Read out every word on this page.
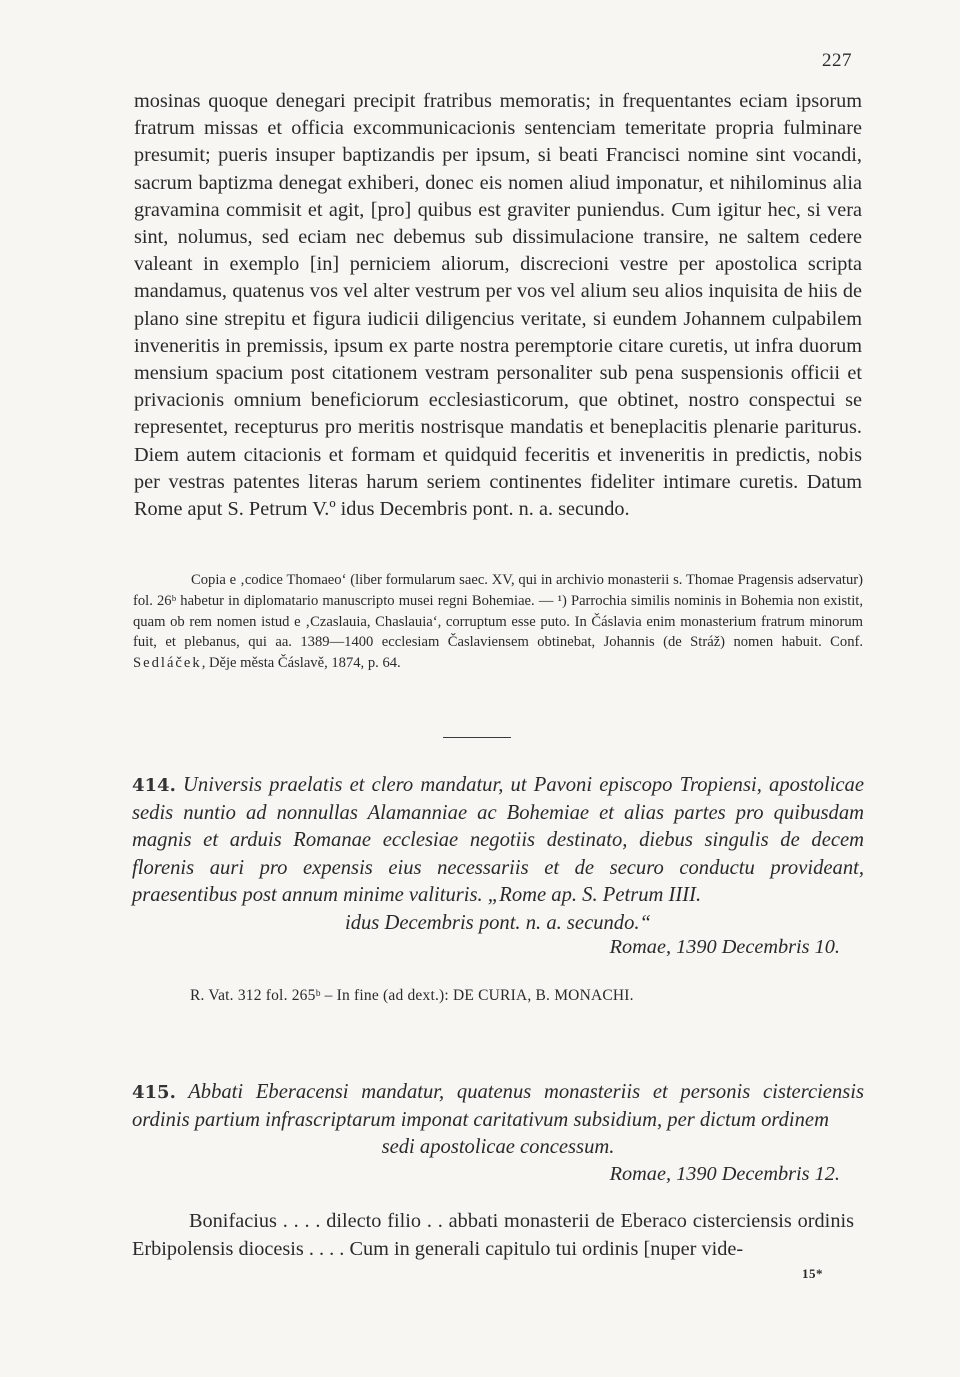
227

mosinas quoque denegari precipit fratribus memoratis; in frequentantes eciam ipsorum fratrum missas et officia excommunicacionis sentenciam temeritate propria fulminare presumit; pueris insuper baptizandis per ipsum, si beati Francisci nomine sint vocandi, sacrum baptizma denegat exhiberi, donec eis nomen aliud imponatur, et nihilominus alia gravamina commisit et agit, [pro] quibus est graviter puniendus. Cum igitur hec, si vera sint, nolumus, sed eciam nec debemus sub dissimulacione transire, ne saltem cedere valeant in exemplo [in] perniciem aliorum, discrecioni vestre per apostolica scripta mandamus, quatenus vos vel alter vestrum per vos vel alium seu alios inquisita de hiis de plano sine strepitu et figura iudicii diligencius veritate, si eundem Johannem culpabilem inveneritis in premissis, ipsum ex parte nostra peremptorie citare curetis, ut infra duorum mensium spacium post citationem vestram personaliter sub pena suspensionis officii et privacionis omnium beneficiorum ecclesiasticorum, que obtinet, nostro conspectui se representet, recepturus pro meritis nostrisque mandatis et beneplacitis plenarie pariturus. Diem autem citacionis et formam et quidquid feceritis et inveneritis in predictis, nobis per vestras patentes literas harum seriem continentes fideliter intimare curetis. Datum Rome aput S. Petrum V.º idus Decembris pont. n. a. secundo.

Copia e ‚codice Thomaeo‘ (liber formularum saec. XV, qui in archivio monasterii s. Thomae Pragensis adservatur) fol. 26ᵇ habetur in diplomatario manuscripto musei regni Bohemiae. — ¹) Parrochia similis nominis in Bohemia non existit, quam ob rem nomen istud e ‚Czaslauia, Chaslauia‘, corruptum esse puto. In Čáslavia enim monasterium fratrum minorum fuit, et plebanus, qui aa. 1389—1400 ecclesiam Časlaviensem obtinebat, Johannis (de Stráž) nomen habuit. Conf. Sedláček, Děje města Čáslavě, 1874, p. 64.

414. Universis praelatis et clero mandatur, ut Pavoni episcopo Tropiensi, apostolicae sedis nuntio ad nonnullas Alamanniae ac Bohemiae et alias partes pro quibusdam magnis et arduis Romanae ecclesiae negotiis destinato, diebus singulis de decem florenis auri pro expensis eius necessariis et de securo conductu provideant, praesentibus post annum minime valituris. „Rome ap. S. Petrum IIII.

idus Decembris pont. n. a. secundo.“

Romae, 1390 Decembris 10.
R. Vat. 312 fol. 265ᵇ – In fine (ad dext.): DE CURIA, B. MONACHI.

415. Abbati Eberacensi mandatur, quatenus monasteriis et personis cisterciensis ordinis partium infrascriptarum imponat caritativum subsidium, per dictum ordinem

sedi apostolicae concessum.

Romae, 1390 Decembris 12.

Bonifacius . . . . dilecto filio . . abbati monasterii de Eberaco cisterciensis ordinis Erbipolensis diocesis . . . . Cum in generali capitulo tui ordinis [nuper vide-

15*
